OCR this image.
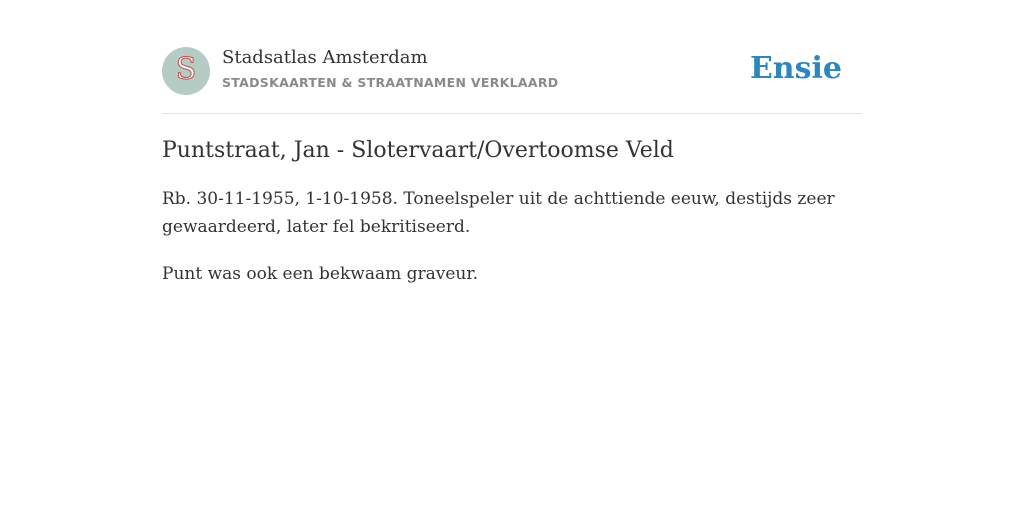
S Stadsatlas Amsterdam
STADSKAARTEN & STRAATNAMEN VERKLAARD	Ensie
Puntstraat, Jan - Slotervaart/Overtoomse Veld

Rb. 30-11-1955, 1-10-1958. Toneelspeler uit de achttiende eeuw, destijds zeer gewaardeerd, later fel bekritiseerd.

Punt was ook een bekwaam graveur.
